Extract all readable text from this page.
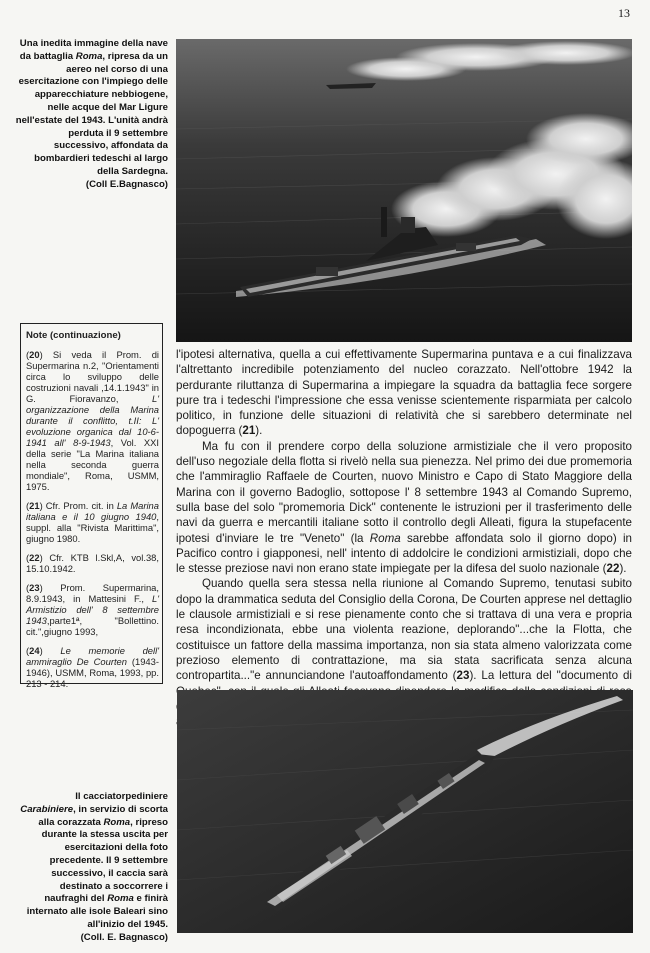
13
Una inedita immagine della nave da battaglia Roma, ripresa da un aereo nel corso di una esercitazione con l'impiego delle apparecchiature nebbiogene, nelle acque del Mar Ligure nell'estate del 1943. L'unità andrà perduta il 9 settembre successivo, affondata da bombardieri tedeschi al largo della Sardegna.
(Coll E.Bagnasco)
Note (continuazione)
(20) Si veda il Prom. di Supermarina n.2, "Orientamenti circa lo sviluppo delle costruzioni navali ,14.1.1943" in G. Fioravanzo, L' organizzazione della Marina durante il conflitto, t.II: L' evoluzione organica dal 10-6-1941 all' 8-9-1943, Vol. XXI della serie "La Marina italiana nella seconda guerra mondiale", Roma, USMM, 1975.
(21) Cfr. Prom. cit. in La Marina italiana e il 10 giugno 1940, suppl. alla "Rivista Marittima", giugno 1980.
(22) Cfr. KTB l.Skl,A, vol.38, 15.10.1942.
(23) Prom. Supermarina, 8.9.1943, in Mattesini F., L' Armistizio dell' 8 settembre 1943,parte1ª, "Bollettino. cit.",giugno 1993,
(24) Le memorie dell' ammiraglio De Courten (1943-1946), USMM, Roma, 1993, pp. 213 - 214.

l'ipotesi alternativa, quella a cui effettivamente Supermarina puntava e a cui finalizzava l'altrettanto incredibile potenziamento del nucleo corazzato. Nell'ottobre 1942 la perdurante riluttanza di Supermarina a impiegare la squadra da battaglia fece sorgere pure tra i tedeschi l'impressione che essa venisse scientemente risparmiata per calcolo politico, in funzione delle situazioni di relatività che si sarebbero determinate nel dopoguerra (21).

Ma fu con il prendere corpo della soluzione armistiziale che il vero proposito dell'uso negoziale della flotta si rivelò nella sua pienezza. Nel primo dei due promemoria che l'ammiraglio Raffaele de Courten, nuovo Ministro e Capo di Stato Maggiore della Marina con il governo Badoglio, sottopose l' 8 settembre 1943 al Comando Supremo, sulla base del solo "promemoria Dick" contenente le istruzioni per il trasferimento delle navi da guerra e mercantili italiane sotto il controllo degli Alleati, figura la stupefacente ipotesi d'inviare le tre "Veneto" (la Roma sarebbe affondata solo il giorno dopo) in Pacifico contro i giapponesi, nell' intento di addolcire le condizioni armistiziali, dopo che le stesse preziose navi non erano state impiegate per la difesa del suolo nazionale (22).

Quando quella sera stessa nella riunione al Comando Supremo, tenutasi subito dopo la drammatica seduta del Consiglio della Corona, De Courten apprese nel dettaglio le clausole armistiziali e si rese pienamente conto che si trattava di una vera e propria resa incondizionata, ebbe una violenta reazione, deplorando"...che la Flotta, che costituisce un fattore della massima importanza, non sia stata almeno valorizzata come prezioso elemento di contrattazione, ma sia stata sacrificata senza alcuna contropartita..."e annunciandone l'autoaffondamento (23). La lettura del "documento di

Il cacciatorpediniere Carabiniere, in servizio di scorta alla corazzata Roma, ripreso durante la stessa uscita per esercitazioni della foto precedente. Il 9 settembre successivo, il caccia sarà destinato a soccorrere i naufraghi del Roma e finirà internato alle isole Baleari sino all'inizio del 1945.
(Coll. E. Bagnasco)
